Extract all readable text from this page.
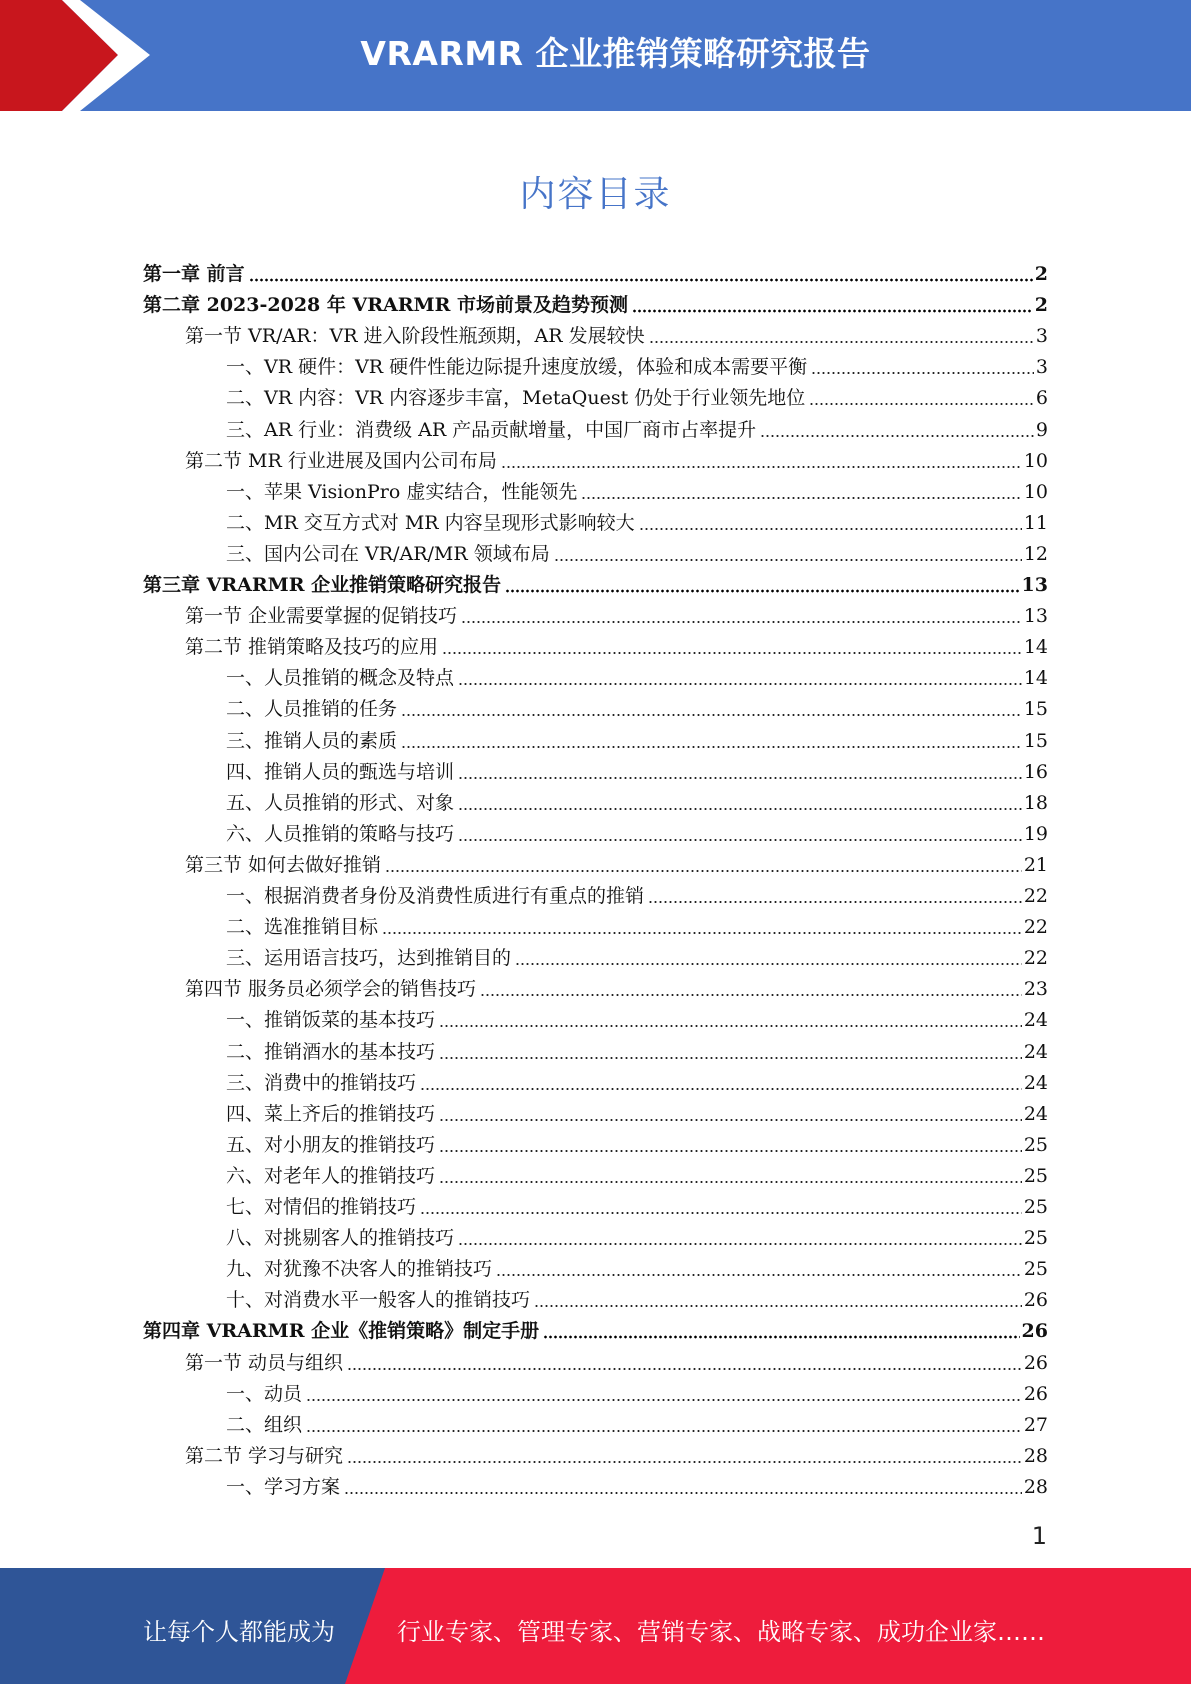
VRARMR 企业推销策略研究报告
内容目录
第一章 前言	2
第二章 2023-2028 年 VRARMR 市场前景及趋势预测	2
第一节 VR/AR：VR 进入阶段性瓶颈期，AR 发展较快	3
一、VR 硬件：VR 硬件性能边际提升速度放缓，体验和成本需要平衡	3
二、VR 内容：VR 内容逐步丰富，MetaQuest 仍处于行业领先地位	6
三、AR 行业：消费级 AR 产品贡献增量，中国厂商市占率提升	9
第二节 MR 行业进展及国内公司布局	10
一、苹果 VisionPro 虚实结合，性能领先	10
二、MR 交互方式对 MR 内容呈现形式影响较大	11
三、国内公司在 VR/AR/MR 领域布局	12
第三章 VRARMR 企业推销策略研究报告	13
第一节 企业需要掌握的促销技巧	13
第二节 推销策略及技巧的应用	14
一、人员推销的概念及特点	14
二、人员推销的任务	15
三、推销人员的素质	15
四、推销人员的甄选与培训	16
五、人员推销的形式、对象	18
六、人员推销的策略与技巧	19
第三节 如何去做好推销	21
一、根据消费者身份及消费性质进行有重点的推销	22
二、选准推销目标	22
三、运用语言技巧，达到推销目的	22
第四节 服务员必须学会的销售技巧	23
一、推销饭菜的基本技巧	24
二、推销酒水的基本技巧	24
三、消费中的推销技巧	24
四、菜上齐后的推销技巧	24
五、对小朋友的推销技巧	25
六、对老年人的推销技巧	25
七、对情侣的推销技巧	25
八、对挑剔客人的推销技巧	25
九、对犹豫不决客人的推销技巧	25
十、对消费水平一般客人的推销技巧	26
第四章 VRARMR 企业《推销策略》制定手册	26
第一节 动员与组织	26
一、动员	26
二、组织	27
第二节 学习与研究	28
一、学习方案	28
1
让每个人都能成为	行业专家、管理专家、营销专家、战略专家、成功企业家……
